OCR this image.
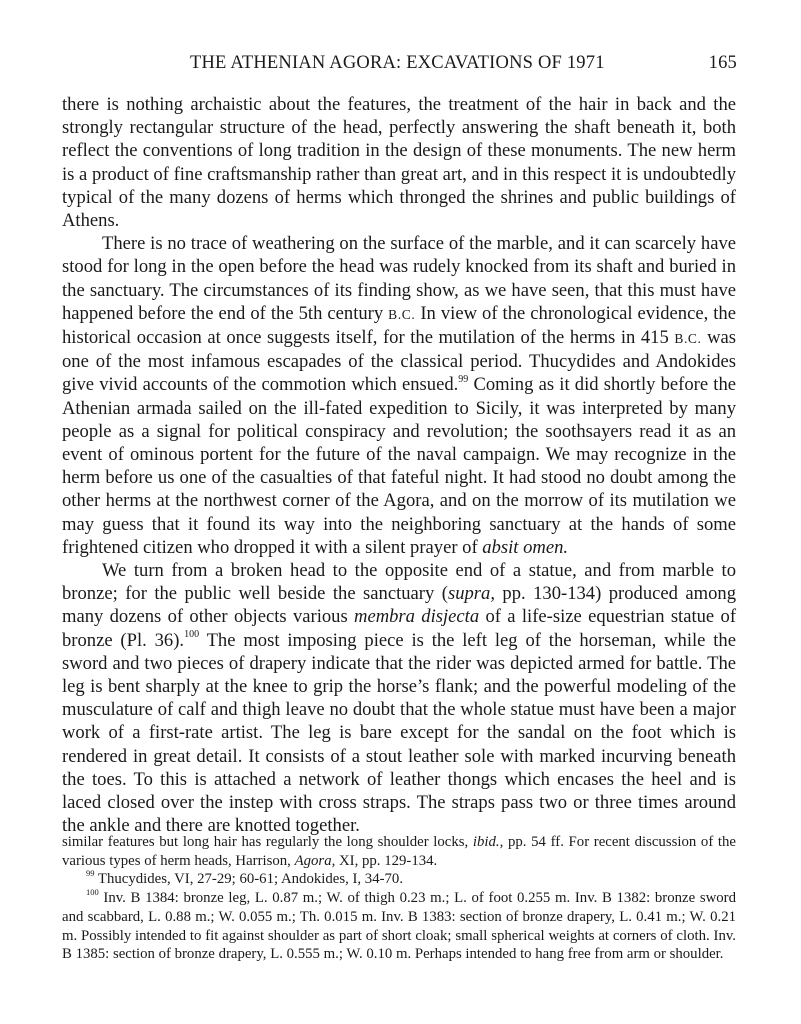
THE ATHENIAN AGORA: EXCAVATIONS OF 1971	165

there is nothing archaistic about the features, the treatment of the hair in back and the strongly rectangular structure of the head, perfectly answering the shaft beneath it, both reflect the conventions of long tradition in the design of these monuments. The new herm is a product of fine craftsmanship rather than great art, and in this respect it is undoubtedly typical of the many dozens of herms which thronged the shrines and public buildings of Athens.

There is no trace of weathering on the surface of the marble, and it can scarcely have stood for long in the open before the head was rudely knocked from its shaft and buried in the sanctuary. The circumstances of its finding show, as we have seen, that this must have happened before the end of the 5th century B.C. In view of the chronological evidence, the historical occasion at once suggests itself, for the mutilation of the herms in 415 B.C. was one of the most infamous escapades of the classical period. Thucydides and Andokides give vivid accounts of the commotion which ensued.$^{99}$ Coming as it did shortly before the Athenian armada sailed on the ill-fated expedition to Sicily, it was interpreted by many people as a signal for political conspiracy and revolution; the soothsayers read it as an event of ominous portent for the future of the naval campaign. We may recognize in the herm before us one of the casualties of that fateful night. It had stood no doubt among the other herms at the northwest corner of the Agora, and on the morrow of its mutilation we may guess that it found its way into the neighboring sanctuary at the hands of some frightened citizen who dropped it with a silent prayer of absit omen.

We turn from a broken head to the opposite end of a statue, and from marble to bronze; for the public well beside the sanctuary (supra, pp. 130-134) produced among many dozens of other objects various membra disjecta of a life-size equestrian statue of bronze (Pl. 36).$^{100}$ The most imposing piece is the left leg of the horseman, while the sword and two pieces of drapery indicate that the rider was depicted armed for battle. The leg is bent sharply at the knee to grip the horse’s flank; and the powerful modeling of the musculature of calf and thigh leave no doubt that the whole statue must have been a major work of a first-rate artist. The leg is bare except for the sandal on the foot which is rendered in great detail. It consists of a stout leather sole with marked incurving beneath the toes. To this is attached a network of leather thongs which encases the heel and is laced closed over the instep with cross straps. The straps pass two or three times around the ankle and there are knotted together.

similar features but long hair has regularly the long shoulder locks, ibid., pp. 54 ff. For recent discussion of the various types of herm heads, Harrison, Agora, XI, pp. 129-134.

$^{99}$ Thucydides, VI, 27-29; 60-61; Andokides, I, 34-70.

$^{100}$ Inv. B 1384: bronze leg, L. 0.87 m.; W. of thigh 0.23 m.; L. of foot 0.255 m. Inv. B 1382: bronze sword and scabbard, L. 0.88 m.; W. 0.055 m.; Th. 0.015 m. Inv. B 1383: section of bronze drapery, L. 0.41 m.; W. 0.21 m. Possibly intended to fit against shoulder as part of short cloak; small spherical weights at corners of cloth. Inv. B 1385: section of bronze drapery, L. 0.555 m.; W. 0.10 m. Perhaps intended to hang free from arm or shoulder.
